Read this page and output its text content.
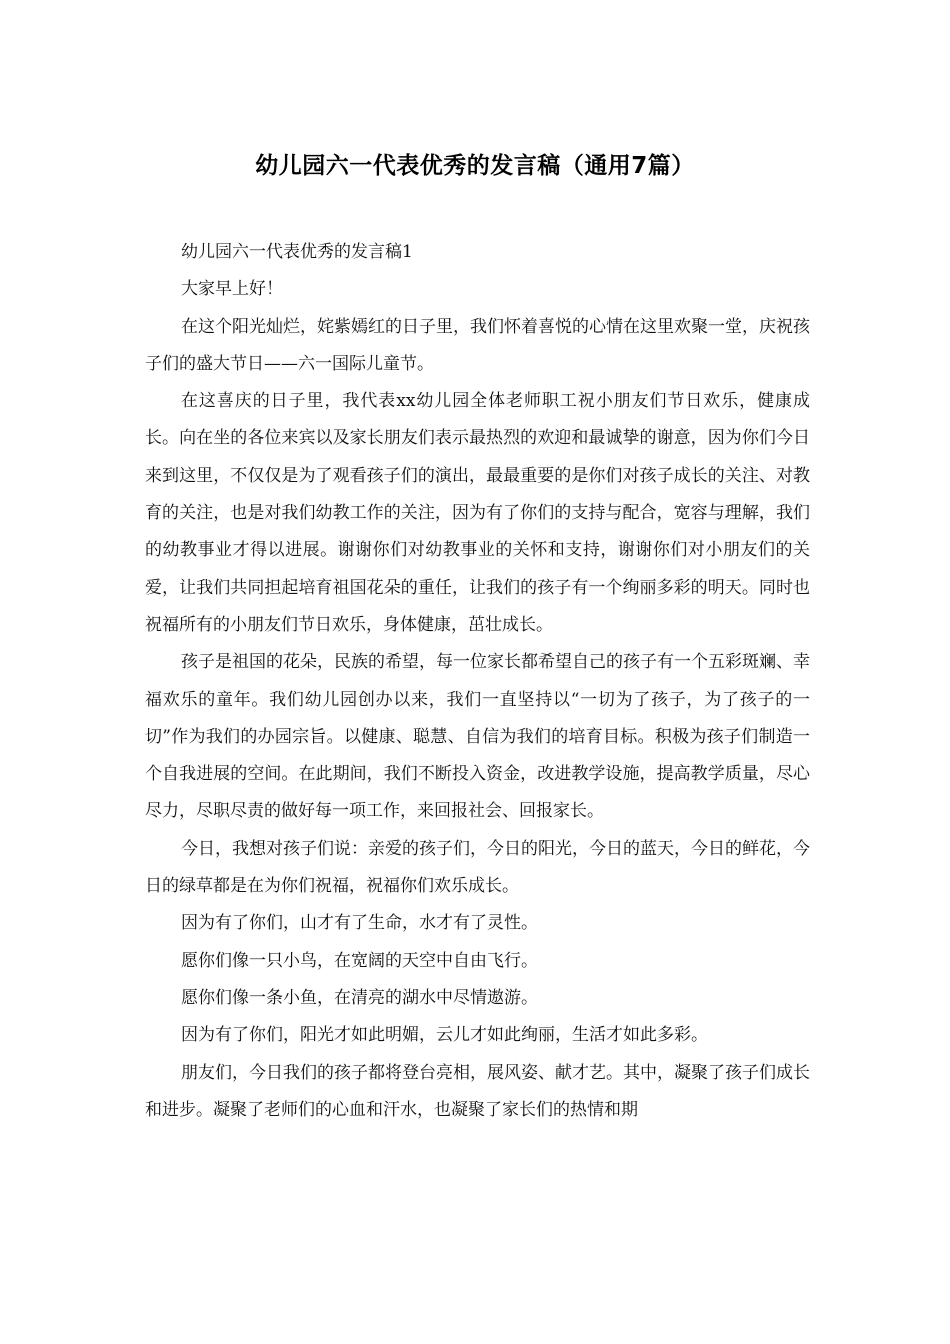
幼儿园六一代表优秀的发言稿（通用7篇）

幼儿园六一代表优秀的发言稿1

大家早上好！

在这个阳光灿烂，姹紫嫣红的日子里，我们怀着喜悦的心情在这里欢聚一堂，庆祝孩子们的盛大节日——六一国际儿童节。

在这喜庆的日子里，我代表xx幼儿园全体老师职工祝小朋友们节日欢乐，健康成长。向在坐的各位来宾以及家长朋友们表示最热烈的欢迎和最诚挚的谢意，因为你们今日来到这里，不仅仅是为了观看孩子们的演出，最最重要的是你们对孩子成长的关注、对教育的关注，也是对我们幼教工作的关注，因为有了你们的支持与配合，宽容与理解，我们的幼教事业才得以进展。谢谢你们对幼教事业的关怀和支持，谢谢你们对小朋友们的关爱，让我们共同担起培育祖国花朵的重任，让我们的孩子有一个绚丽多彩的明天。同时也祝福所有的小朋友们节日欢乐，身体健康，茁壮成长。

孩子是祖国的花朵，民族的希望，每一位家长都希望自己的孩子有一个五彩斑斓、幸福欢乐的童年。我们幼儿园创办以来，我们一直坚持以“一切为了孩子，为了孩子的一切”作为我们的办园宗旨。以健康、聪慧、自信为我们的培育目标。积极为孩子们制造一个自我进展的空间。在此期间，我们不断投入资金，改进教学设施，提高教学质量，尽心尽力，尽职尽责的做好每一项工作，来回报社会、回报家长。

今日，我想对孩子们说：亲爱的孩子们，今日的阳光，今日的蓝天，今日的鲜花，今日的绿草都是在为你们祝福，祝福你们欢乐成长。

因为有了你们，山才有了生命，水才有了灵性。

愿你们像一只小鸟，在宽阔的天空中自由飞行。

愿你们像一条小鱼，在清亮的湖水中尽情遨游。

因为有了你们，阳光才如此明媚，云儿才如此绚丽，生活才如此多彩。

朋友们，今日我们的孩子都将登台亮相，展风姿、献才艺。其中，凝聚了孩子们成长和进步。凝聚了老师们的心血和汗水，也凝聚了家长们的热情和期
